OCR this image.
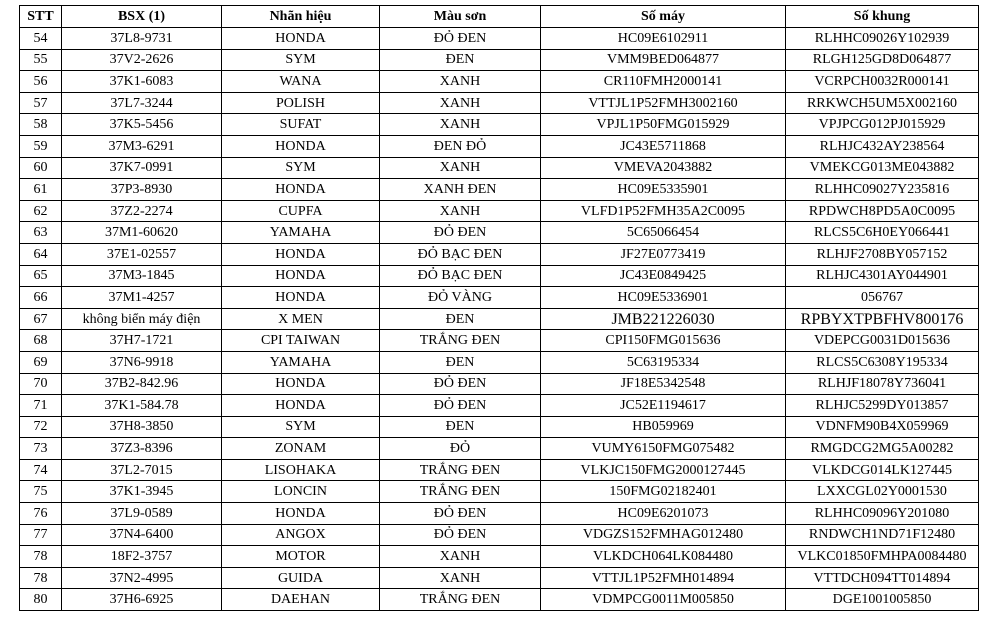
STT	BSX (1)	Nhãn hiệu	Màu sơn	Số máy	Số khung
54	37L8-9731	HONDA	ĐỎ ĐEN	HC09E6102911	RLHHC09026Y102939
55	37V2-2626	SYM	ĐEN	VMM9BED064877	RLGH125GD8D064877
56	37K1-6083	WANA	XANH	CR110FMH2000141	VCRPCH0032R000141
57	37L7-3244	POLISH	XANH	VTTJL1P52FMH3002160	RRKWCH5UM5X002160
58	37K5-5456	SUFAT	XANH	VPJL1P50FMG015929	VPJPCG012PJ015929
59	37M3-6291	HONDA	ĐEN ĐỎ	JC43E5711868	RLHJC432AY238564
60	37K7-0991	SYM	XANH	VMEVA2043882	VMEKCG013ME043882
61	37P3-8930	HONDA	XANH ĐEN	HC09E5335901	RLHHC09027Y235816
62	37Z2-2274	CUPFA	XANH	VLFD1P52FMH35A2C0095	RPDWCH8PD5A0C0095
63	37M1-60620	YAMAHA	ĐỎ ĐEN	5C65066454	RLCS5C6H0EY066441
64	37E1-02557	HONDA	ĐỎ BẠC ĐEN	JF27E0773419	RLHJF2708BY057152
65	37M3-1845	HONDA	ĐỎ BẠC ĐEN	JC43E0849425	RLHJC4301AY044901
66	37M1-4257	HONDA	ĐỎ VÀNG	HC09E5336901	056767
67	không biển máy điện	X MEN	ĐEN	JMB221226030	RPBYXTPBFHV800176
68	37H7-1721	CPI TAIWAN	TRẮNG ĐEN	CPI150FMG015636	VDEPCG0031D015636
69	37N6-9918	YAMAHA	ĐEN	5C63195334	RLCS5C6308Y195334
70	37B2-842.96	HONDA	ĐỎ ĐEN	JF18E5342548	RLHJF18078Y736041
71	37K1-584.78	HONDA	ĐỎ ĐEN	JC52E1194617	RLHJC5299DY013857
72	37H8-3850	SYM	ĐEN	HB059969	VDNFM90B4X059969
73	37Z3-8396	ZONAM	ĐỎ	VUMY6150FMG075482	RMGDCG2MG5A00282
74	37L2-7015	LISOHAKA	TRẮNG ĐEN	VLKJC150FMG2000127445	VLKDCG014LK127445
75	37K1-3945	LONCIN	TRẮNG ĐEN	150FMG02182401	LXXCGL02Y0001530
76	37L9-0589	HONDA	ĐỎ ĐEN	HC09E6201073	RLHHC09096Y201080
77	37N4-6400	ANGOX	ĐỎ ĐEN	VDGZS152FMHAG012480	RNDWCH1ND71F12480
78	18F2-3757	MOTOR	XANH	VLKDCH064LK084480	VLKC01850FMHPA0084480
78	37N2-4995	GUIDA	XANH	VTTJL1P52FMH014894	VTTDCH094TT014894
80	37H6-6925	DAEHAN	TRẮNG ĐEN	VDMPCG0011M005850	DGE1001005850
